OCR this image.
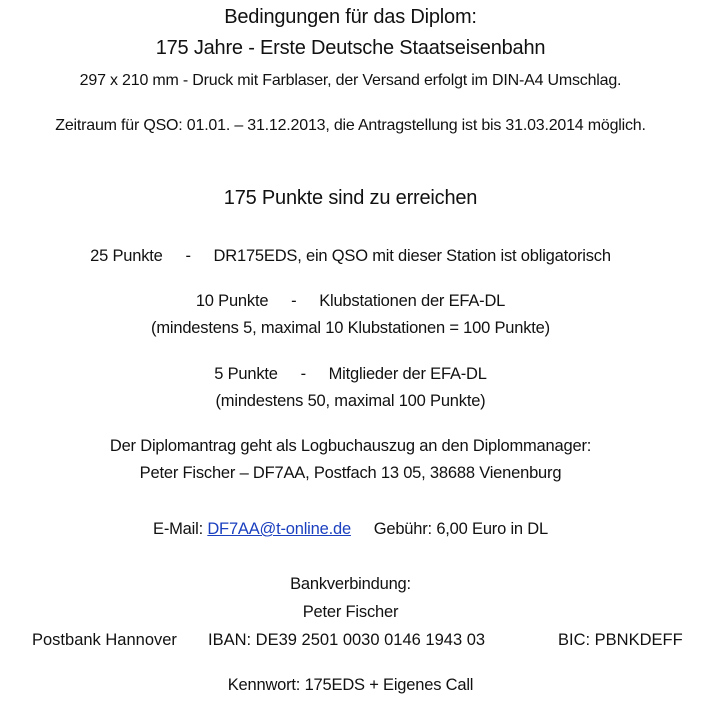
Bedingungen für das Diplom:
175 Jahre - Erste Deutsche Staatseisenbahn
297 x 210 mm - Druck mit Farblaser, der Versand erfolgt im DIN-A4 Umschlag.
Zeitraum für QSO: 01.01. – 31.12.2013, die Antragstellung ist bis 31.03.2014 möglich.
175 Punkte sind zu erreichen
25 Punkte - DR175EDS, ein QSO mit dieser Station ist obligatorisch
10 Punkte - Klubstationen der EFA-DL
(mindestens 5, maximal 10 Klubstationen = 100 Punkte)
5 Punkte - Mitglieder der EFA-DL
(mindestens 50, maximal 100 Punkte)
Der Diplomantrag geht als Logbuchauszug an den Diplommanager:
Peter Fischer – DF7AA, Postfach 13 05, 38688 Vienenburg
E-Mail: DF7AA@t-online.de Gebühr: 6,00 Euro in DL
Bankverbindung:
Peter Fischer
Postbank Hannover IBAN: DE39 2501 0030 0146 1943 03	BIC: PBNKDEFF
Kennwort: 175EDS + Eigenes Call
